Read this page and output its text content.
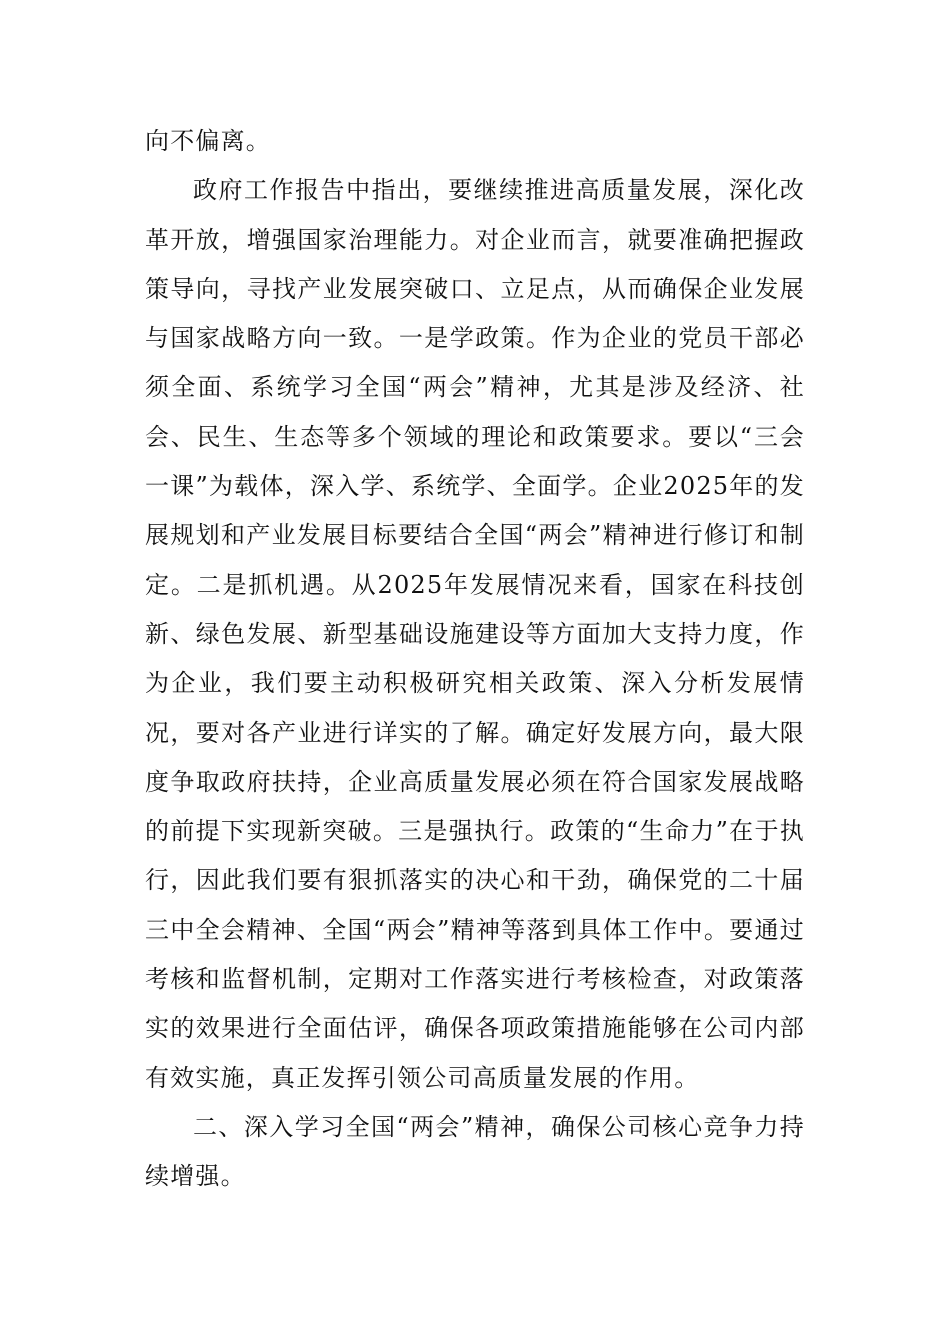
向不偏离。

政府工作报告中指出，要继续推进高质量发展，深化改革开放，增强国家治理能力。对企业而言，就要准确把握政策导向，寻找产业发展突破口、立足点，从而确保企业发展与国家战略方向一致。一是学政策。作为企业的党员干部必须全面、系统学习全国“两会”精神，尤其是涉及经济、社会、民生、生态等多个领域的理论和政策要求。要以“三会一课”为载体，深入学、系统学、全面学。企业2025年的发展规划和产业发展目标要结合全国“两会”精神进行修订和制定。二是抓机遇。从2025年发展情况来看，国家在科技创新、绿色发展、新型基础设施建设等方面加大支持力度，作为企业，我们要主动积极研究相关政策、深入分析发展情况，要对各产业进行详实的了解。确定好发展方向，最大限度争取政府扶持，企业高质量发展必须在符合国家发展战略的前提下实现新突破。三是强执行。政策的“生命力”在于执行，因此我们要有狠抓落实的决心和干劲，确保党的二十届三中全会精神、全国“两会”精神等落到具体工作中。要通过考核和监督机制，定期对工作落实进行考核检查，对政策落实的效果进行全面估评，确保各项政策措施能够在公司内部有效实施，真正发挥引领公司高质量发展的作用。

二、深入学习全国“两会”精神，确保公司核心竞争力持续增强。
